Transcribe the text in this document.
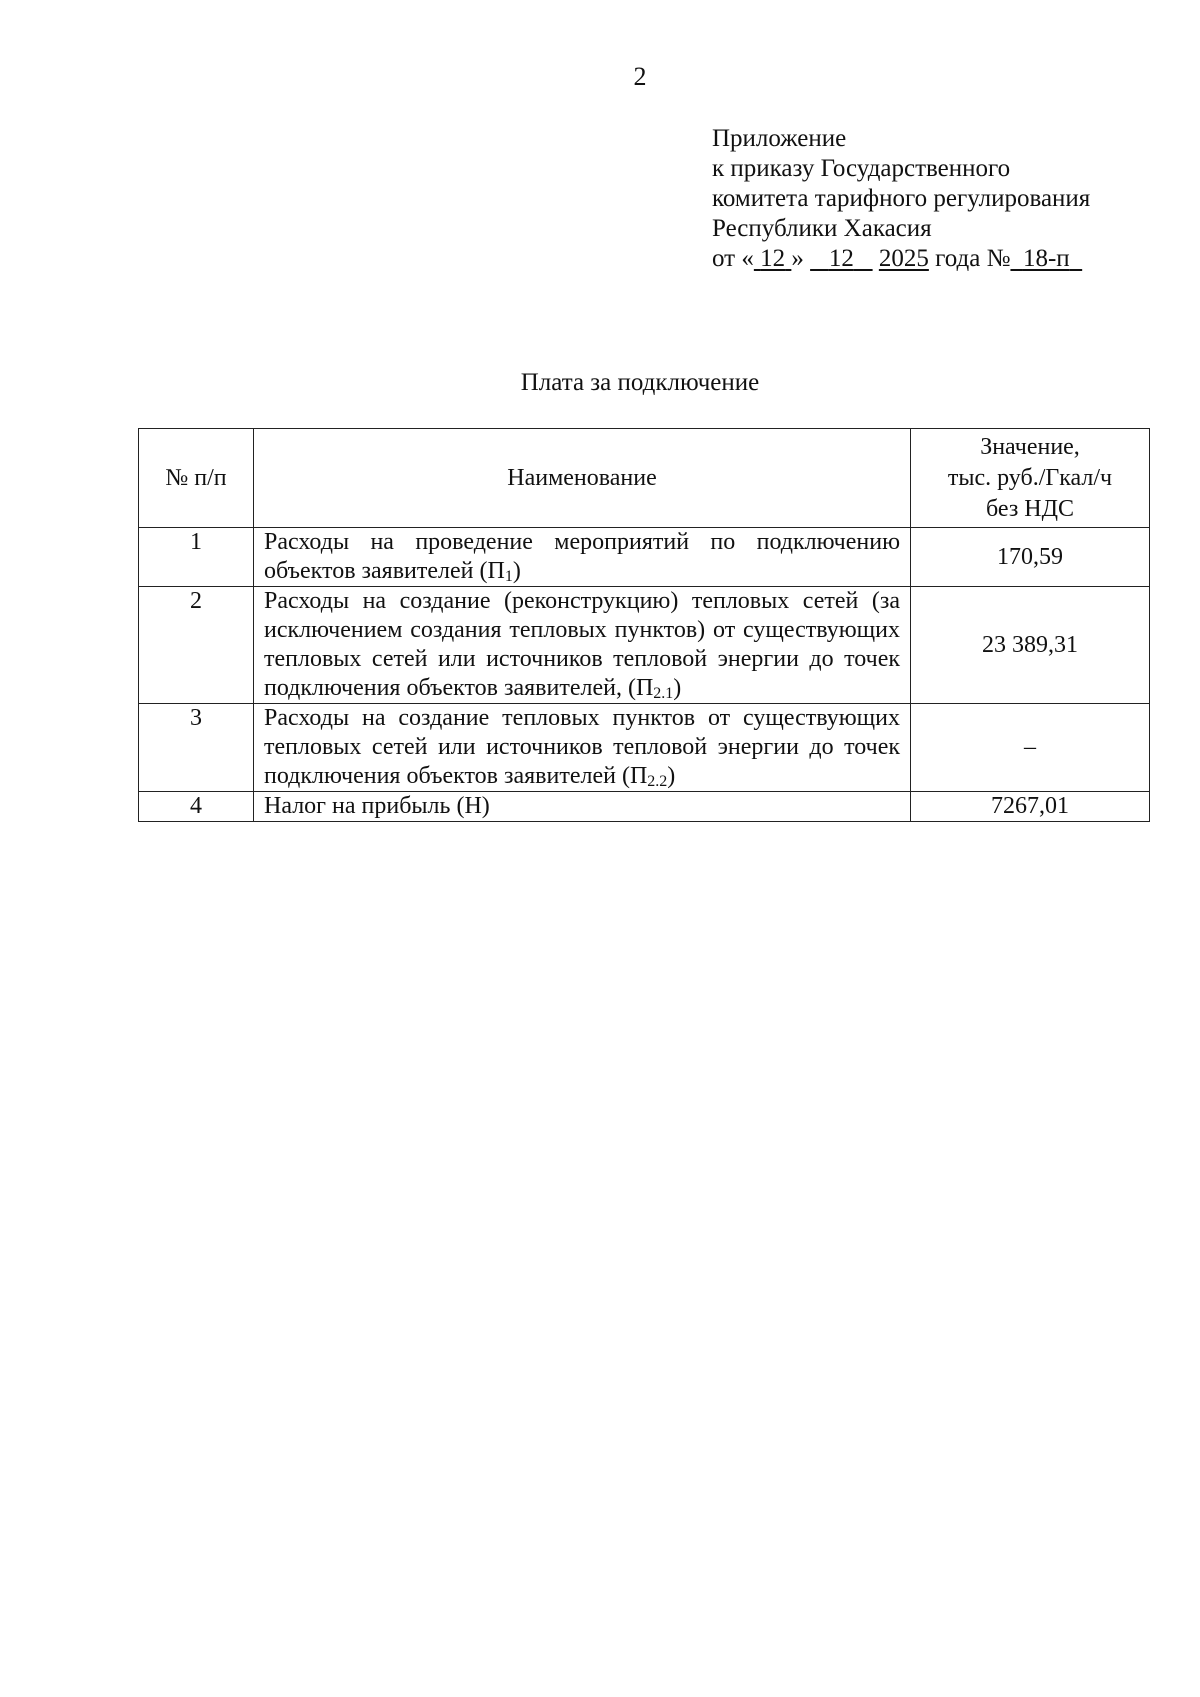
2
Приложение
к приказу Государственного
комитета тарифного регулирования
Республики Хакасия
от « 12 » 12 2025 года № 18-п
Плата за подключение
№ п/п	Наименование	Значение,
тыс. руб./Гкал/ч
без НДС

1	Расходы на проведение мероприятий по подключению объектов заявителей $(П_1)$	170,59
2	Расходы на создание (реконструкцию) тепловых сетей (за исключением создания тепловых пунктов) от существующих тепловых сетей или источников тепловой энергии до точек подключения объектов заявителей, $(П_{2.1})$	23 389,31
3	Расходы на создание тепловых пунктов от существующих тепловых сетей или источников тепловой энергии до точек подключения объектов заявителей $(П_{2.2})$	–
4	Налог на прибыль (Н)	7267,01
